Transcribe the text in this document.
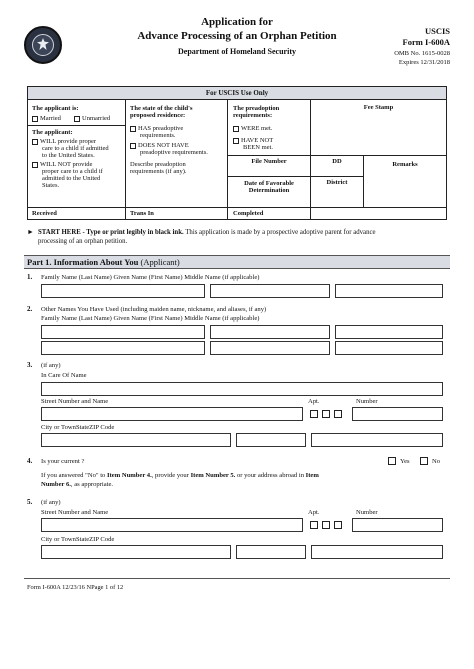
Application for
Advance Processing of an Orphan Petition
Department of Homeland Security
USCIS
Form I-600A
OMB No. 1615-0028
Expires 12/31/2018
For USCIS Use Only
The applicant is:
Married	Unmarried
The applicant:
WILL provide proper
care to a child if admitted
to the United States.
WILL NOT provide
proper care to a child if
admitted to the United
States.
The state of the child's
proposed residence:
HAS preadoptive
requirements.
DOES NOT HAVE
preadoptive requirements.
Describe preadoption
requirements (if any).
The preadoption
requirements:
WERE met.
HAVE NOT
BEEN met.
File Number
Date of Favorable
Determination
Fee Stamp
DD
District
Remarks
Received	Trans In	Completed
► START HERE - Type or print legibly in black ink. This application is made by a prospective adoptive parent for advance
processing of an orphan petition.
Part 1. Information About You (Applicant)
1. Family Name (Last Name) Given Name (First Name) Middle Name (if applicable)
2. Other Names You Have Used (including maiden name, nickname, and aliases, if any)
Family Name (Last Name) Given Name (First Name) Middle Name (if applicable)
3. (if any)
In Care Of Name
Street Number and Name	Apt.	Number
City or TownStateZIP Code
4. Is your current ?	Yes	No
If you answered "No" to Item Number 4., provide your Item Number 5. or your address abroad in Item
Number 6., as appropriate.
5. (if any)
Street Number and Name	Apt.	Number
City or TownStateZIP Code
Form I-600A 12/23/16 NPage 1 of 12
